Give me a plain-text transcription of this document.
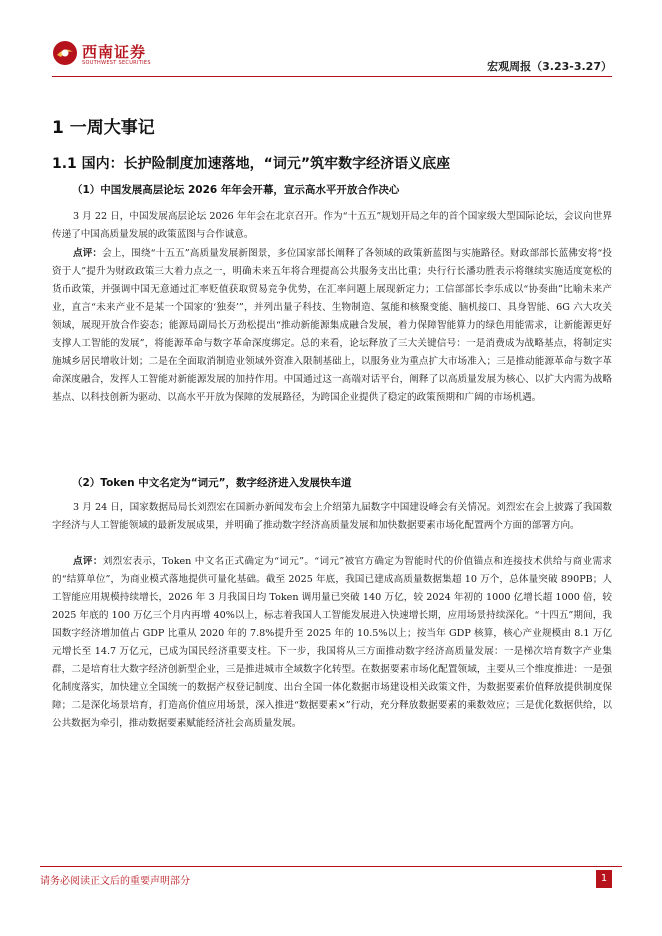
西南证券
SOUTHWEST SECURITIES	宏观周报（3.23-3.27）
1 一周大事记
1.1 国内：长护险制度加速落地，“词元”筑牢数字经济语义底座
（1）中国发展高层论坛 2026 年年会开幕，宣示高水平开放合作决心

3 月 22 日，中国发展高层论坛 2026 年年会在北京召开。作为“十五五”规划开局之年的首个国家级大型国际论坛，会议向世界传递了中国高质量发展的政策蓝图与合作诚意。

点评：会上，围绕“十五五”高质量发展新图景，多位国家部长阐释了各领域的政策新蓝图与实施路径。财政部部长蓝佛安将“投资于人”提升为财政政策三大着力点之一，明确未来五年将合理提高公共服务支出比重；央行行长潘功胜表示将继续实施适度宽松的货币政策，并强调中国无意通过汇率贬值获取贸易竞争优势，在汇率问题上展现新定力；工信部部长李乐成以“协奏曲”比喻未来产业，直言“未来产业不是某一个国家的‘独奏’”，并列出量子科技、生物制造、氢能和核聚变能、脑机接口、具身智能、6G 六大攻关领域，展现开放合作姿态；能源局副局长万劲松提出“推动新能源集成融合发展，着力保障智能算力的绿色用能需求，让新能源更好支撑人工智能的发展”，将能源革命与数字革命深度绑定。总的来看，论坛释放了三大关键信号：一是消费成为战略基点，将制定实施城乡居民增收计划；二是在全面取消制造业领域外资准入限制基础上，以服务业为重点扩大市场准入；三是推动能源革命与数字革命深度融合，发挥人工智能对新能源发展的加持作用。中国通过这一高端对话平台，阐释了以高质量发展为核心、以扩大内需为战略基点、以科技创新为驱动、以高水平开放为保障的发展路径，为跨国企业提供了稳定的政策预期和广阔的市场机遇。

（2）Token 中文名定为“词元”，数字经济进入发展快车道

3 月 24 日，国家数据局局长刘烈宏在国新办新闻发布会上介绍第九届数字中国建设峰会有关情况。刘烈宏在会上披露了我国数字经济与人工智能领域的最新发展成果，并明确了推动数字经济高质量发展和加快数据要素市场化配置两个方面的部署方向。

点评：刘烈宏表示，Token 中文名正式确定为“词元”。“词元”被官方确定为智能时代的价值锚点和连接技术供给与商业需求的“结算单位”，为商业模式落地提供可量化基础。截至 2025 年底，我国已建成高质量数据集超 10 万个，总体量突破 890PB；人工智能应用规模持续增长，2026 年 3 月我国日均 Token 调用量已突破 140 万亿，较 2024 年初的 1000 亿增长超 1000 倍，较 2025 年底的 100 万亿三个月内再增 40%以上，标志着我国人工智能发展进入快速增长期，应用场景持续深化。“十四五”期间，我国数字经济增加值占 GDP 比重从 2020 年的 7.8%提升至 2025 年的 10.5%以上；按当年 GDP 核算，核心产业规模由 8.1 万亿元增长至 14.7 万亿元，已成为国民经济重要支柱。下一步，我国将从三方面推动数字经济高质量发展：一是梯次培育数字产业集群，二是培育壮大数字经济创新型企业，三是推进城市全域数字化转型。在数据要素市场化配置领域，主要从三个维度推进：一是强化制度落实，加快建立全国统一的数据产权登记制度、出台全国一体化数据市场建设相关政策文件，为数据要素价值释放提供制度保障；二是深化场景培育，打造高价值应用场景，深入推进“数据要素×”行动，充分释放数据要素的乘数效应；三是优化数据供给，以公共数据为牵引，推动数据要素赋能经济社会高质量发展。

请务必阅读正文后的重要声明部分	1
